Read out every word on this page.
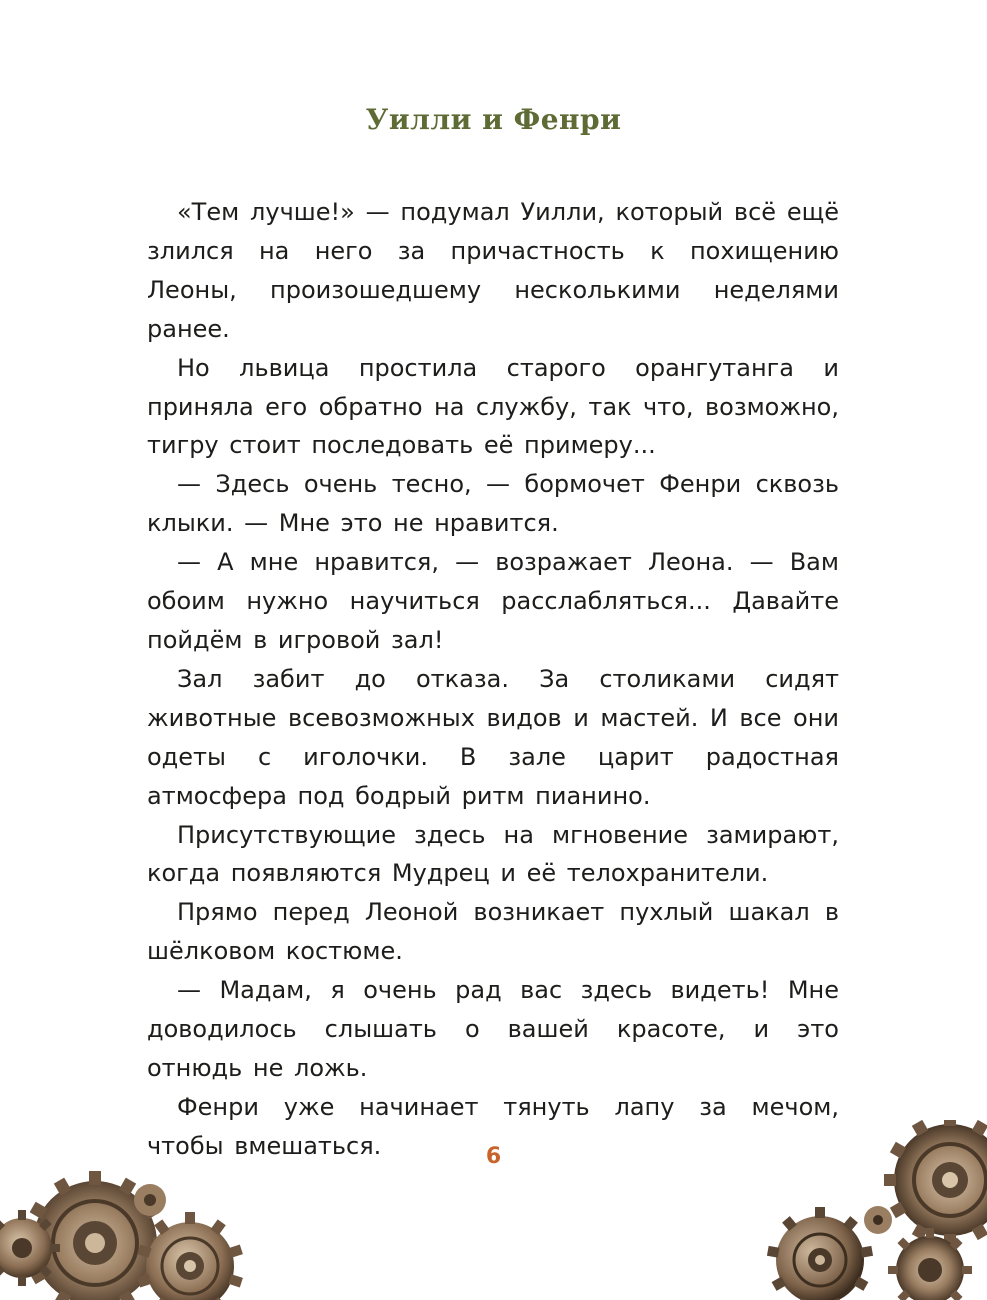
Уилли и Фенри

«Тем лучше!» — подумал Уилли, который всё ещё злился на него за причастность к похищению Леоны, произошедшему несколькими неделями ранее.

Но львица простила старого орангутанга и приняла его обратно на службу, так что, возможно, тигру стоит последовать её примеру...

— Здесь очень тесно, — бормочет Фенри сквозь клыки. — Мне это не нравится.

— А мне нравится, — возражает Леона. — Вам обоим нужно научиться расслабляться... Давайте пойдём в игровой зал!

Зал забит до отказа. За столиками сидят животные всевозможных видов и мастей. И все они одеты с иголочки. В зале царит радостная атмосфера под бодрый ритм пианино.

Присутствующие здесь на мгновение замирают, когда появляются Мудрец и её телохранители.

Прямо перед Леоной возникает пухлый шакал в шёлковом костюме.

— Мадам, я очень рад вас здесь видеть! Мне доводилось слышать о вашей красоте, и это отнюдь не ложь.

Фенри уже начинает тянуть лапу за мечом, чтобы вмешаться.	6
